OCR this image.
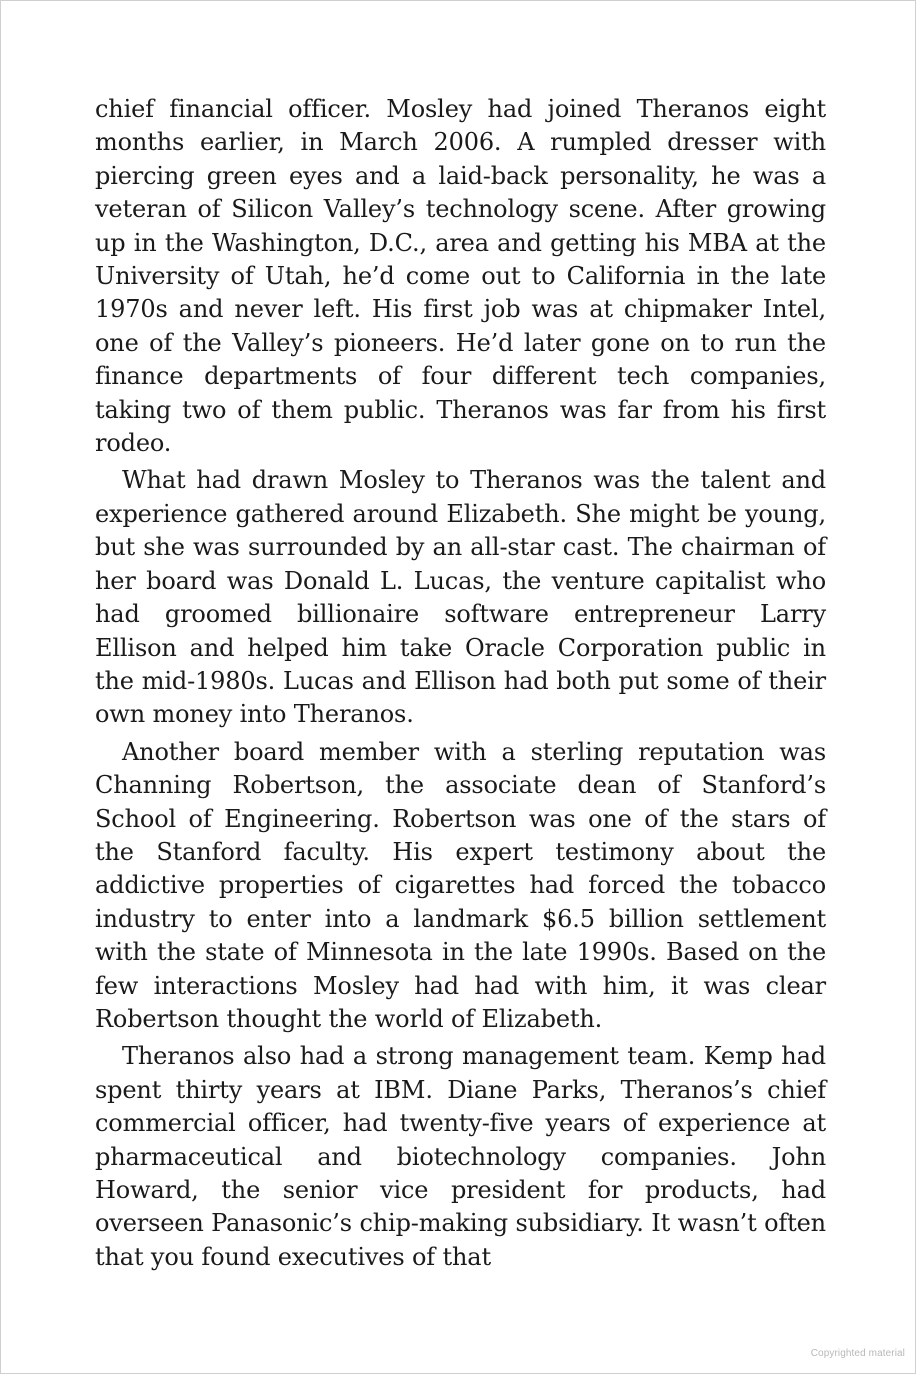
chief financial officer. Mosley had joined Theranos eight months earlier, in March 2006. A rumpled dresser with piercing green eyes and a laid-back personality, he was a veteran of Silicon Valley’s technology scene. After growing up in the Washington, D.C., area and getting his MBA at the University of Utah, he’d come out to California in the late 1970s and never left. His first job was at chipmaker Intel, one of the Valley’s pioneers. He’d later gone on to run the finance departments of four different tech companies, taking two of them public. Theranos was far from his first rodeo.

What had drawn Mosley to Theranos was the talent and experience gathered around Elizabeth. She might be young, but she was surrounded by an all-star cast. The chairman of her board was Donald L. Lucas, the venture capitalist who had groomed billionaire software entrepreneur Larry Ellison and helped him take Oracle Corporation public in the mid-1980s. Lucas and Ellison had both put some of their own money into Theranos.

Another board member with a sterling reputation was Channing Robertson, the associate dean of Stanford’s School of Engineering. Robertson was one of the stars of the Stanford faculty. His expert testimony about the addictive properties of cigarettes had forced the tobacco industry to enter into a landmark $6.5 billion settlement with the state of Minnesota in the late 1990s. Based on the few interactions Mosley had had with him, it was clear Robertson thought the world of Elizabeth.

Theranos also had a strong management team. Kemp had spent thirty years at IBM. Diane Parks, Theranos’s chief commercial officer, had twenty-five years of experience at pharmaceutical and biotechnology companies. John Howard, the senior vice president for products, had overseen Panasonic’s chip-making subsidiary. It wasn’t often that you found executives of that

Copyrighted material
